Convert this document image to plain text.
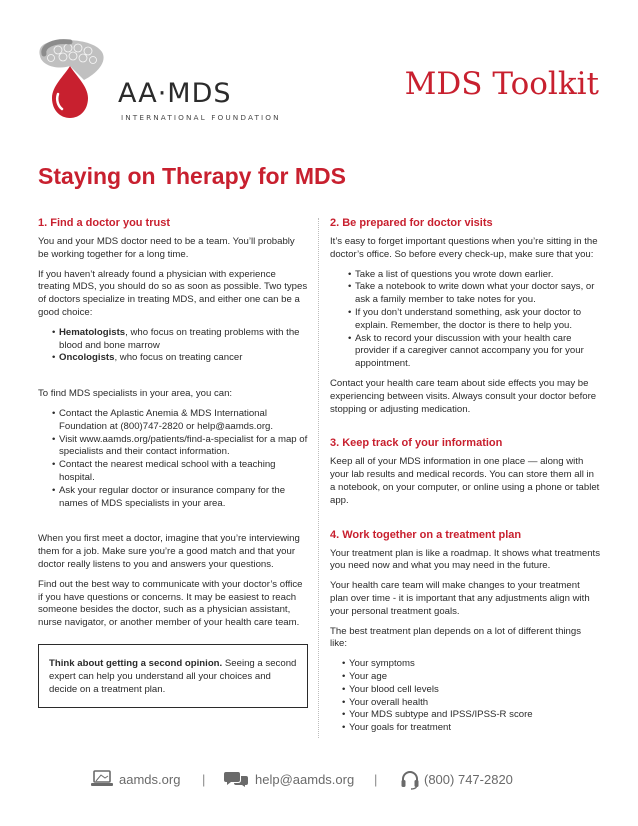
AA·MDS
INTERNATIONAL FOUNDATION
MDS Toolkit
Staying on Therapy for MDS
1. Find a doctor you trust

You and your MDS doctor need to be a team. You’ll probably be working together for a long time.

If you haven’t already found a physician with experience treating MDS, you should do so as soon as possible. Two types of doctors specialize in treating MDS, and either one can be a good choice:

• Hematologists, who focus on treating problems with the blood and bone marrow
• Oncologists, who focus on treating cancer

To find MDS specialists in your area, you can:

• Contact the Aplastic Anemia & MDS International Foundation at (800)747-2820 or help@aamds.org.
• Visit www.aamds.org/patients/find-a-specialist for a map of specialists and their contact information.
• Contact the nearest medical school with a teaching hospital.
• Ask your regular doctor or insurance company for the names of MDS specialists in your area.

When you first meet a doctor, imagine that you’re interviewing them for a job. Make sure you’re a good match and that your doctor really listens to you and answers your questions.

Find out the best way to communicate with your doctor’s office if you have questions or concerns. It may be easiest to reach someone besides the doctor, such as a physician assistant, nurse navigator, or another member of your health care team.

Think about getting a second opinion. Seeing a second expert can help you understand all your choices and decide on a treatment plan.
2. Be prepared for doctor visits

It’s easy to forget important questions when you’re sitting in the doctor’s office. So before every check-up, make sure that you:

• Take a list of questions you wrote down earlier.
• Take a notebook to write down what your doctor says, or ask a family member to take notes for you.
• If you don’t understand something, ask your doctor to explain. Remember, the doctor is there to help you.
• Ask to record your discussion with your health care provider if a caregiver cannot accompany you for your appointment.

Contact your health care team about side effects you may be experiencing between visits. Always consult your doctor before stopping or adjusting medication.

3. Keep track of your information

Keep all of your MDS information in one place — along with your lab results and medical records. You can store them all in a notebook, on your computer, or online using a phone or tablet app.

4. Work together on a treatment plan

Your treatment plan is like a roadmap. It shows what treatments you need now and what you may need in the future.

Your health care team will make changes to your treatment plan over time - it is important that any adjustments align with your personal treatment goals.

The best treatment plan depends on a lot of different things like:

• Your symptoms
• Your age
• Your blood cell levels
• Your overall health
• Your MDS subtype and IPSS/IPSS-R score
• Your goals for treatment
aamds.org |	help@aamds.org |	(800) 747-2820
